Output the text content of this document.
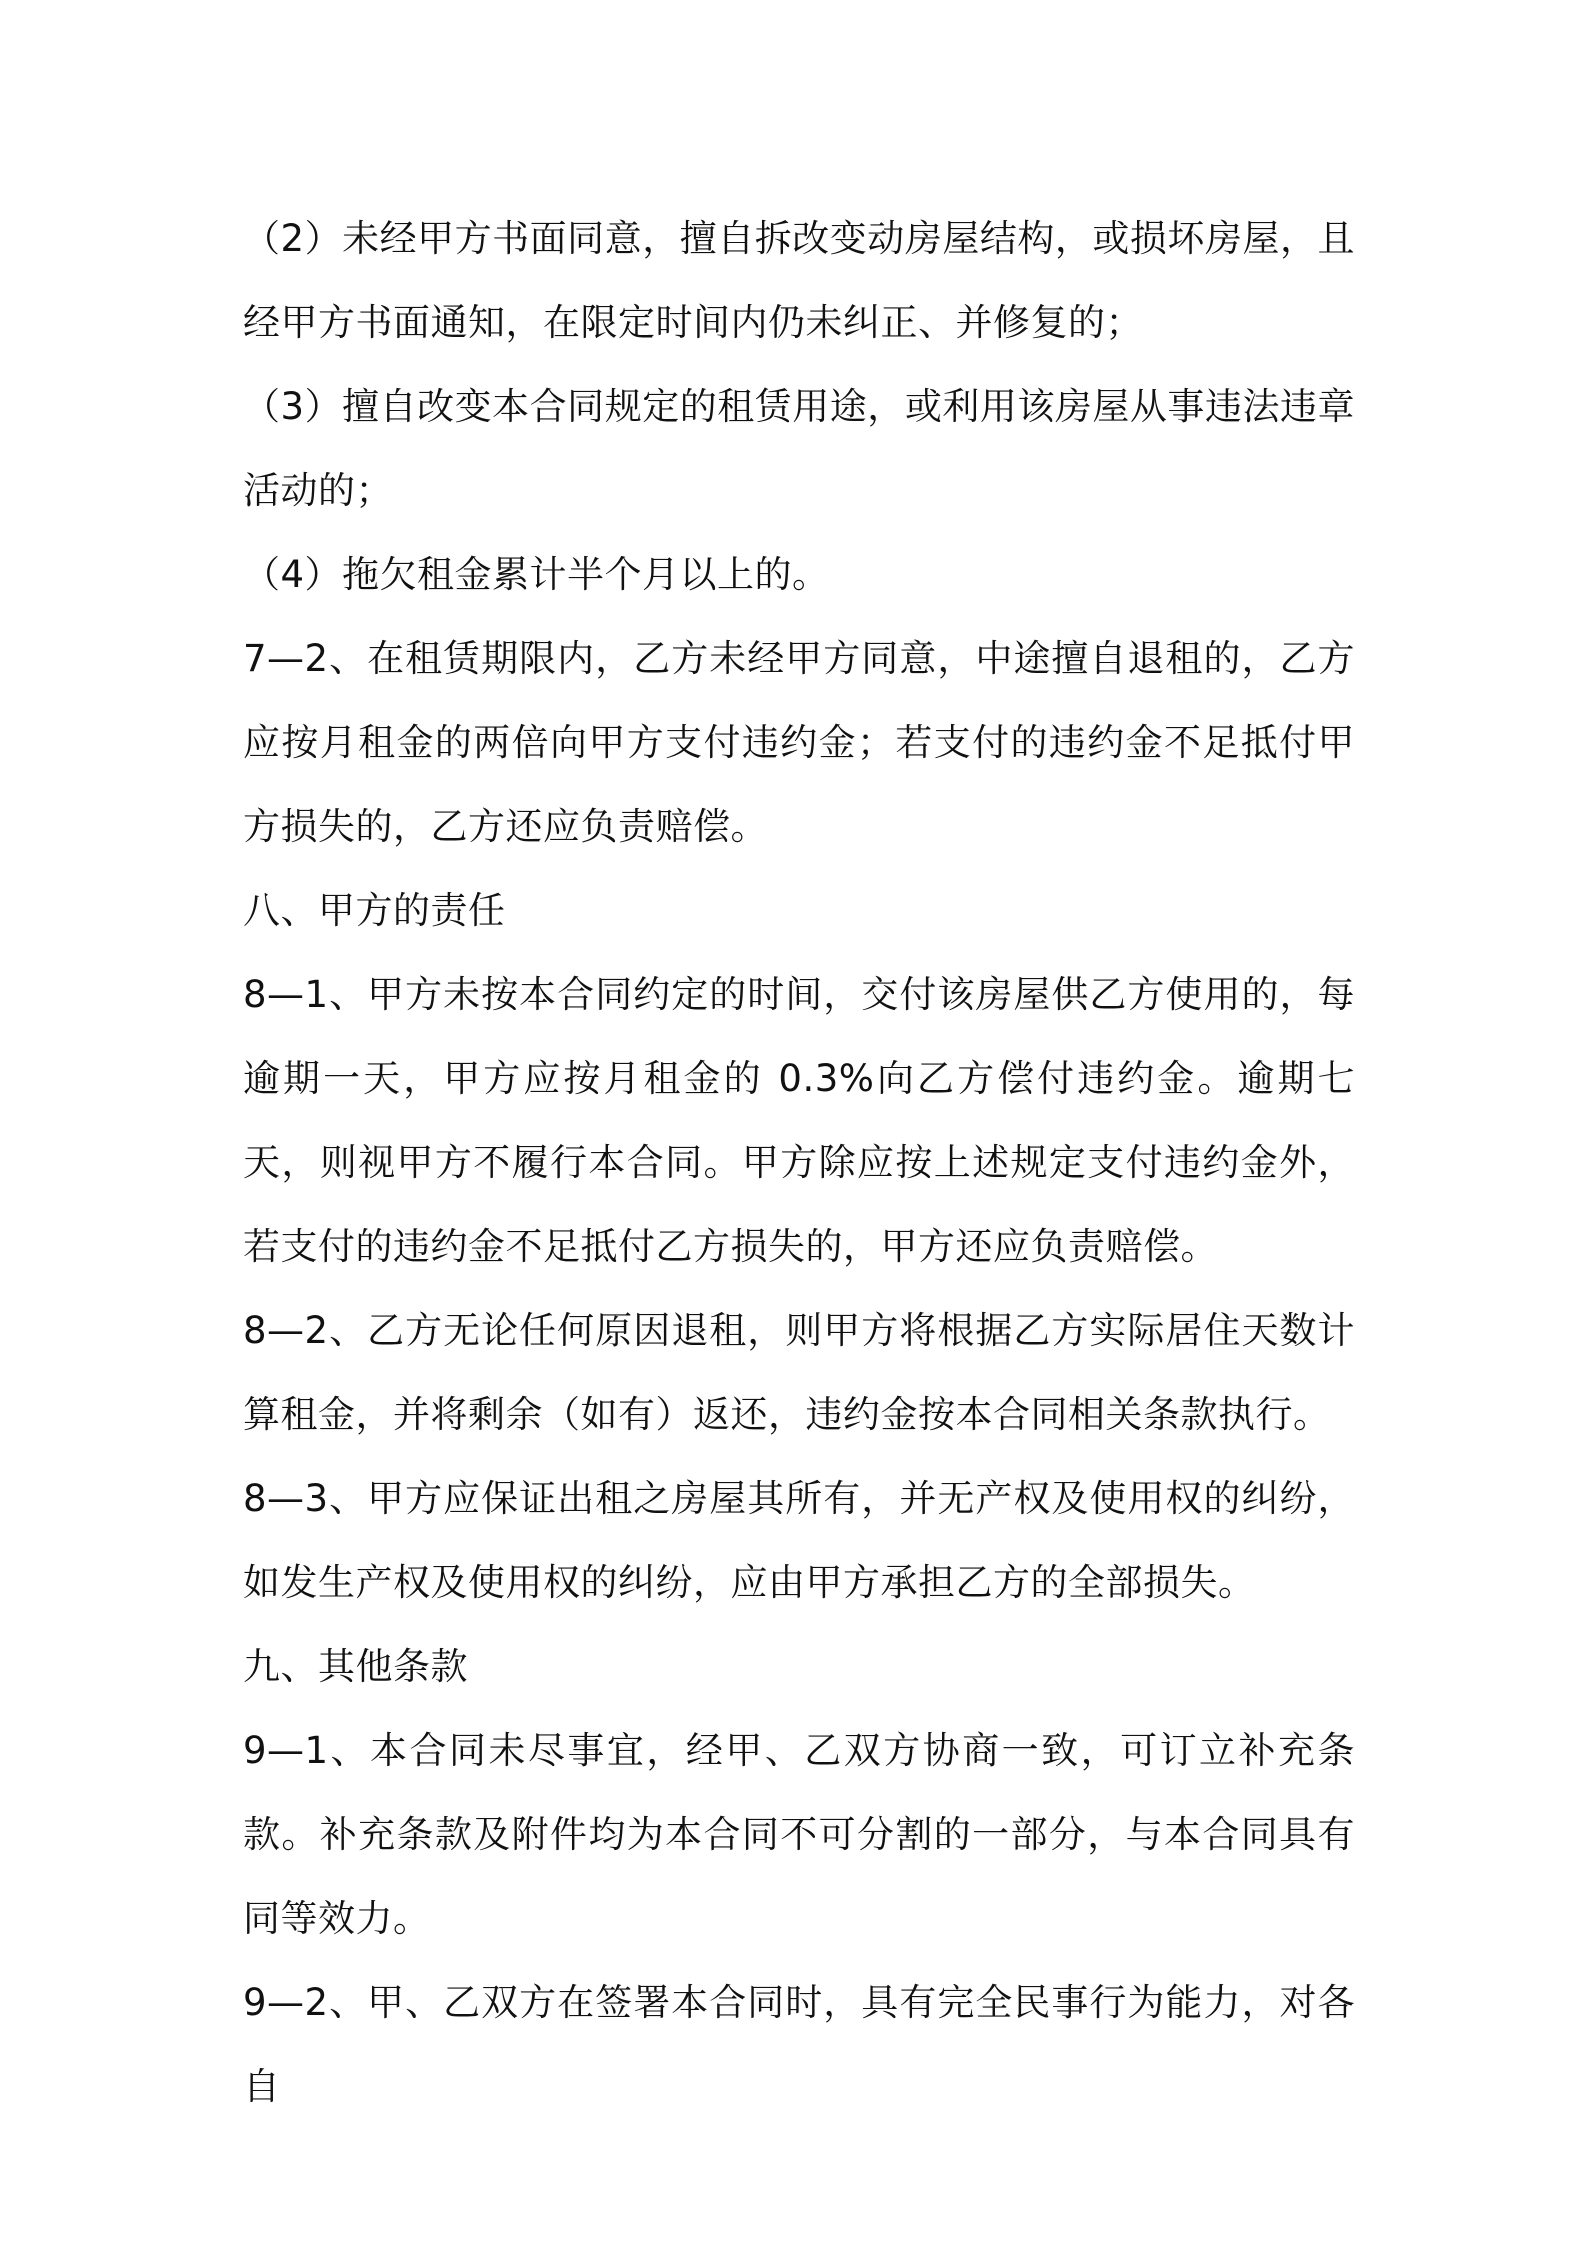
（2）未经甲方书面同意，擅自拆改变动房屋结构，或损坏房屋，且经甲方书面通知，在限定时间内仍未纠正、并修复的；

（3）擅自改变本合同规定的租赁用途，或利用该房屋从事违法违章活动的；

（4）拖欠租金累计半个月以上的。

7—2、在租赁期限内，乙方未经甲方同意，中途擅自退租的，乙方应按月租金的两倍向甲方支付违约金；若支付的违约金不足抵付甲方损失的，乙方还应负责赔偿。

八、甲方的责任

8—1、甲方未按本合同约定的时间，交付该房屋供乙方使用的，每逾期一天，甲方应按月租金的 0.3%向乙方偿付违约金。逾期七天，则视甲方不履行本合同。甲方除应按上述规定支付违约金外，若支付的违约金不足抵付乙方损失的，甲方还应负责赔偿。

8—2、乙方无论任何原因退租，则甲方将根据乙方实际居住天数计算租金，并将剩余（如有）返还，违约金按本合同相关条款执行。

8—3、甲方应保证出租之房屋其所有，并无产权及使用权的纠纷，如发生产权及使用权的纠纷，应由甲方承担乙方的全部损失。

九、其他条款

9—1、本合同未尽事宜，经甲、乙双方协商一致，可订立补充条款。补充条款及附件均为本合同不可分割的一部分，与本合同具有同等效力。

9—2、甲、乙双方在签署本合同时，具有完全民事行为能力，对各自
